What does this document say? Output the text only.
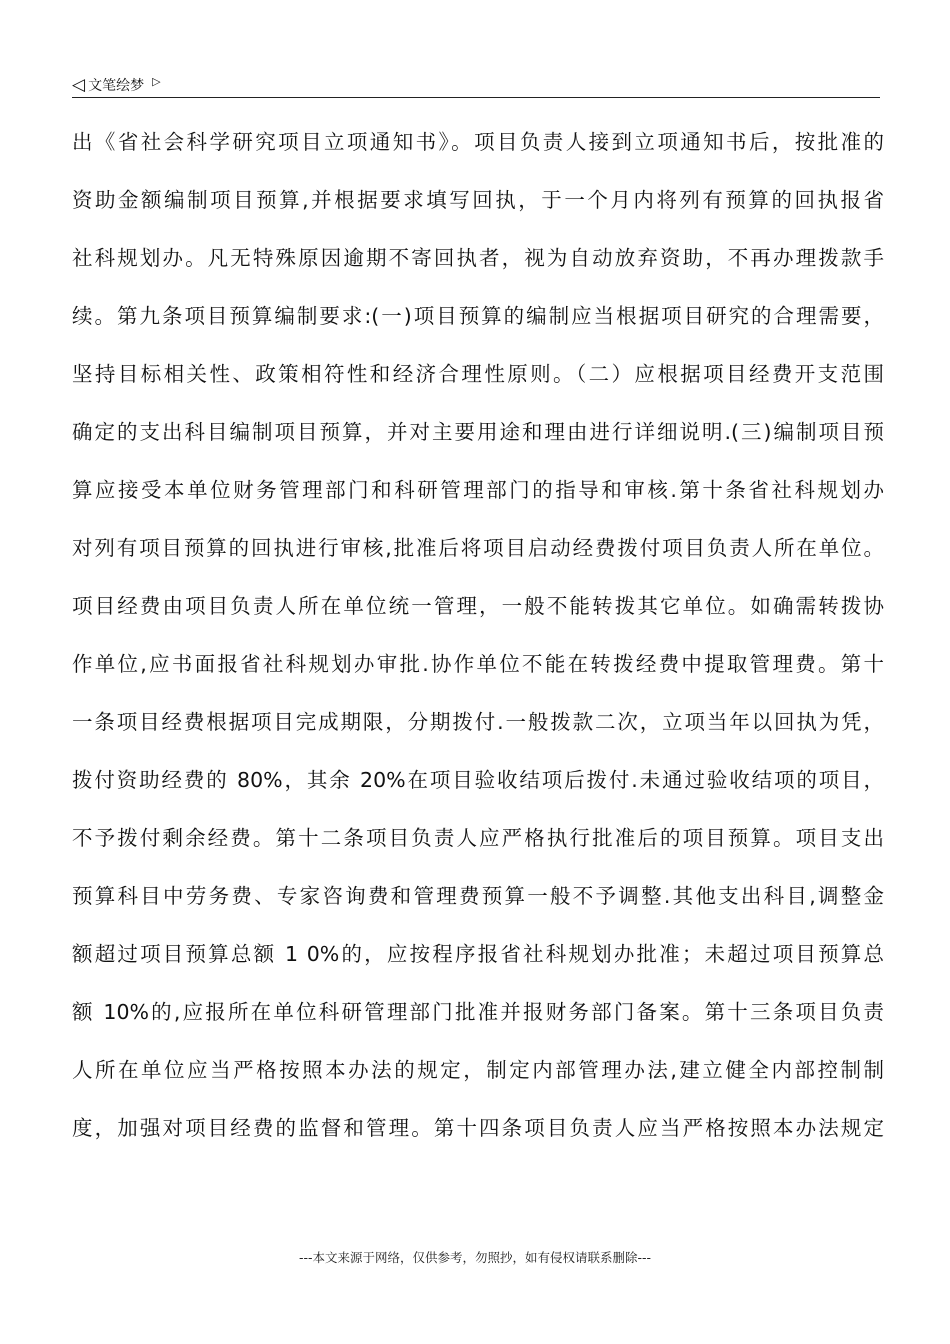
◁ 文笔绘梦 ▷
出《省社会科学研究项目立项通知书》。项目负责人接到立项通知书后，按批准的
资助金额编制项目预算,并根据要求填写回执，于一个月内将列有预算的回执报省
社科规划办。凡无特殊原因逾期不寄回执者，视为自动放弃资助，不再办理拨款手
续。第九条项目预算编制要求:(一)项目预算的编制应当根据项目研究的合理需要，
坚持目标相关性、政策相符性和经济合理性原则。（二）应根据项目经费开支范围
确定的支出科目编制项目预算，并对主要用途和理由进行详细说明.(三)编制项目预
算应接受本单位财务管理部门和科研管理部门的指导和审核.第十条省社科规划办
对列有项目预算的回执进行审核,批准后将项目启动经费拨付项目负责人所在单位。
项目经费由项目负责人所在单位统一管理，一般不能转拨其它单位。如确需转拨协
作单位,应书面报省社科规划办审批.协作单位不能在转拨经费中提取管理费。第十
一条项目经费根据项目完成期限，分期拨付.一般拨款二次，立项当年以回执为凭，
拨付资助经费的 80%，其余 20%在项目验收结项后拨付.未通过验收结项的项目，
不予拨付剩余经费。第十二条项目负责人应严格执行批准后的项目预算。项目支出
预算科目中劳务费、专家咨询费和管理费预算一般不予调整.其他支出科目,调整金
额超过项目预算总额 1 0%的，应按程序报省社科规划办批准；未超过项目预算总
额 10%的,应报所在单位科研管理部门批准并报财务部门备案。第十三条项目负责
人所在单位应当严格按照本办法的规定，制定内部管理办法,建立健全内部控制制
度，加强对项目经费的监督和管理。第十四条项目负责人应当严格按照本办法规定
---本文来源于网络，仅供参考，勿照抄，如有侵权请联系删除---
